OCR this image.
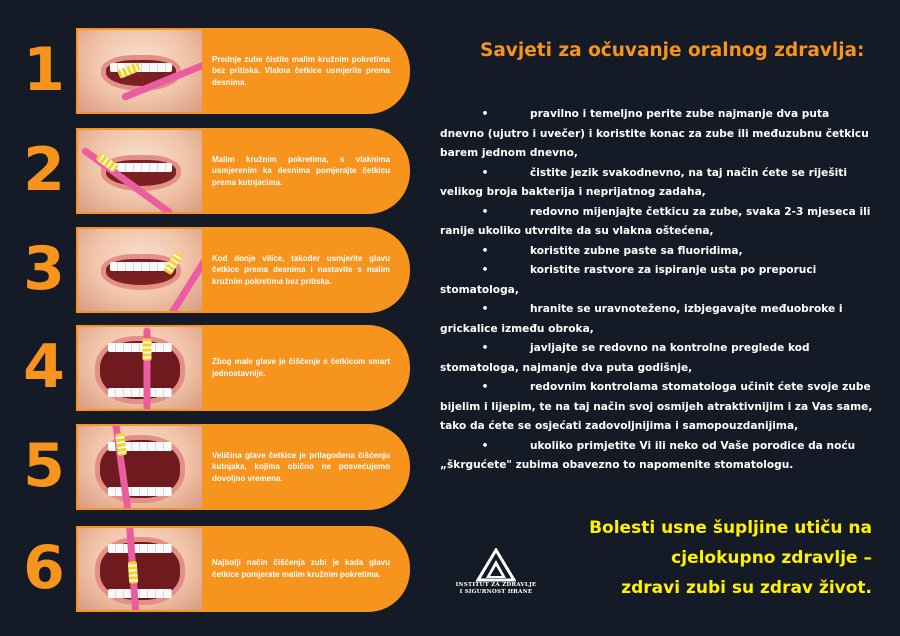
1	Prednje zube čistite malim kružnim pokretima bez pritiska. Vlakna četkice usmjerite prema desnima.
2	Malim kružnim pokretima, s vlaknima usmjerenim ka desnima pomjerajte četkicu prema kutnjacima.
3	Kod donje vilice, također usmjerite glavu četkice prema desnima i nastavite s malim kružnim pokretima bez pritiska.
4	Zbog male glave je čišćenje s četkicom smart jednostavnije.
5	Veličina glave četkice je prilagođena čišćenju kutnjaka, kojima obično ne posvećujemo dovoljno vremena.
6	Najbolji način čišćenja zubi je kada glavu četkice pomjerate malim kružnim pokretima.
Savjeti za očuvanje oralnog zdravlja:
•	pravilno i temeljno perite zube najmanje dva puta dnevno (ujutro i uvečer) i koristite konac za zube ili međuzubnu četkicu barem jednom dnevno,
•	čistite jezik svakodnevno, na taj način ćete se riješiti velikog broja bakterija i neprijatnog zadaha,
•	redovno mijenjajte četkicu za zube, svaka 2-3 mjeseca ili ranije ukoliko utvrdite da su vlakna oštećena,
•	koristite zubne paste sa fluoridima,
•	koristite rastvore za ispiranje usta po preporuci stomatologa,
•	hranite se uravnoteženo, izbjegavajte međuobroke i grickalice između obroka,
•	javljajte se redovno na kontrolne preglede kod stomatologa, najmanje dva puta godišnje,
•	redovnim kontrolama stomatologa učinit ćete svoje zube bijelim i lijepim, te na taj način svoj osmijeh atraktivnijim i za Vas same, tako da ćete se osjećati zadovoljnijima i samopouzdanijima,
•	ukoliko primjetite Vi ili neko od Vaše porodice da noću „škrgućete" zubima obavezno to napomenite stomatologu.
Bolesti usne šupljine utiču na
cjelokupno zdravlje –
zdravi zubi su zdrav život.
INSTITUT ZA ZDRAVLJE
I SIGURNOST HRANE
